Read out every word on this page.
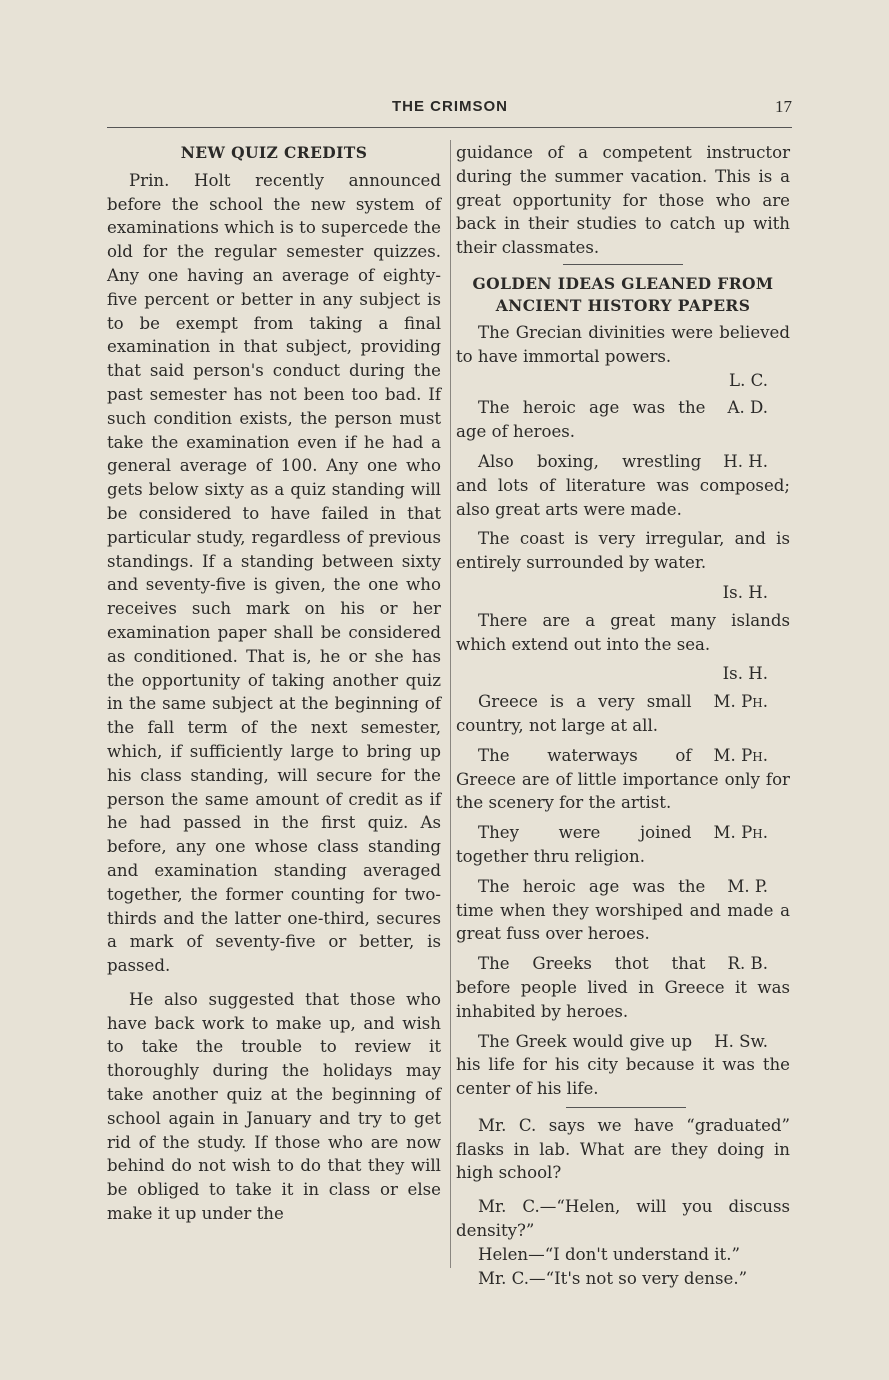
THE CRIMSON	17
NEW QUIZ CREDITS

Prin. Holt recently announced before the school the new system of examinations which is to supercede the old for the regular semester quizzes. Any one having an average of eighty-five percent or better in any subject is to be exempt from taking a final examination in that subject, providing that said person's conduct during the past semester has not been too bad. If such condition exists, the person must take the examination even if he had a general average of 100. Any one who gets below sixty as a quiz standing will be considered to have failed in that particular study, regardless of previous standings. If a standing between sixty and seventy-five is given, the one who receives such mark on his or her examination paper shall be considered as conditioned. That is, he or she has the opportunity of taking another quiz in the same subject at the beginning of the fall term of the next semester, which, if sufficiently large to bring up his class standing, will secure for the person the same amount of credit as if he had passed in the first quiz. As before, any one whose class standing and examination standing averaged together, the former counting for two-thirds and the latter one-third, secures a mark of seventy-five or better, is passed.

He also suggested that those who have back work to make up, and wish to take the trouble to review it thoroughly during the holidays may take another quiz at the beginning of school again in January and try to get rid of the study. If those who are now behind do not wish to do that they will be obliged to take it in class or else make it up under the

guidance of a competent instructor during the summer vacation. This is a great opportunity for those who are back in their studies to catch up with their classmates.

GOLDEN IDEAS GLEANED FROM
ANCIENT HISTORY PAPERS

The Grecian divinities were believed to have immortal powers.

L. C.

A. D.
The heroic age was the age of heroes.

H. H.
Also boxing, wrestling and lots of literature was composed; also great arts were made.

The coast is very irregular, and is entirely surrounded by water.

Is. H.

There are a great many islands which extend out into the sea.

Is. H.

M. Ph.
Greece is a very small country, not large at all.

M. Ph.
The waterways of Greece are of little importance only for the scenery for the artist.

M. Ph.
They were joined together thru religion.

M. P.
The heroic age was the time when they worshiped and made a great fuss over heroes.

R. B.
The Greeks thot that before people lived in Greece it was inhabited by heroes.

H. Sw.
The Greek would give up his life for his city because it was the center of his life.

Mr. C. says we have “graduated” flasks in lab. What are they doing in high school?

Mr. C.—“Helen, will you discuss density?”

Helen—“I don't understand it.”

Mr. C.—“It's not so very dense.”
